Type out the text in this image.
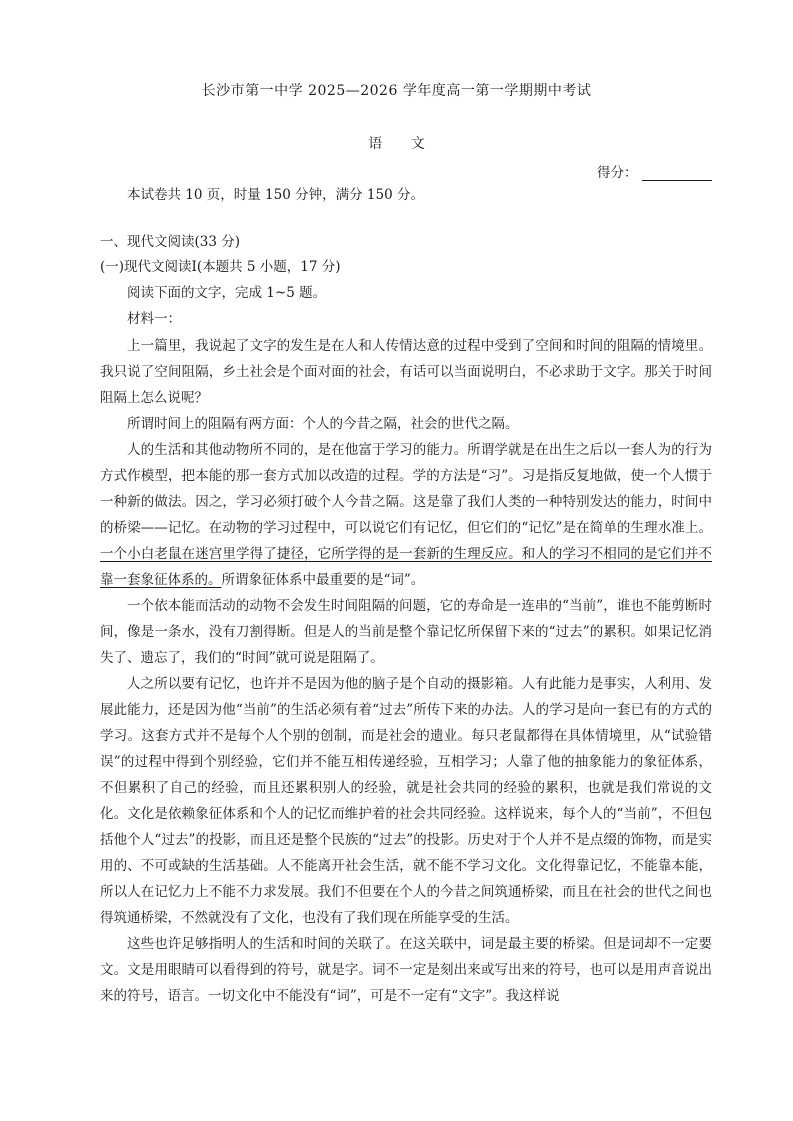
长沙市第一中学 2025—2026 学年度高一第一学期期中考试
语 文
得分：
本试卷共 10 页，时量 150 分钟，满分 150 分。
一、现代文阅读(33 分)
(一)现代文阅读Ⅰ(本题共 5 小题，17 分)
阅读下面的文字，完成 1~5 题。
材料一：

上一篇里，我说起了文字的发生是在人和人传情达意的过程中受到了空间和时间的阻隔的情境里。我只说了空间阻隔，乡土社会是个面对面的社会，有话可以当面说明白，不必求助于文字。那关于时间阻隔上怎么说呢？

所谓时间上的阻隔有两方面：个人的今昔之隔，社会的世代之隔。

人的生活和其他动物所不同的，是在他富于学习的能力。所谓学就是在出生之后以一套人为的行为方式作模型，把本能的那一套方式加以改造的过程。学的方法是“习”。习是指反复地做，使一个人惯于一种新的做法。因之，学习必须打破个人今昔之隔。这是靠了我们人类的一种特别发达的能力，时间中的桥梁——记忆。在动物的学习过程中，可以说它们有记忆，但它们的“记忆”是在简单的生理水准上。一个小白老鼠在迷宫里学得了捷径，它所学得的是一套新的生理反应。和人的学习不相同的是它们并不靠一套象征体系的。所谓象征体系中最重要的是“词”。

一个依本能而活动的动物不会发生时间阻隔的问题，它的寿命是一连串的“当前”，谁也不能剪断时间，像是一条水，没有刀割得断。但是人的当前是整个靠记忆所保留下来的“过去”的累积。如果记忆消失了、遗忘了，我们的“时间”就可说是阻隔了。

人之所以要有记忆，也许并不是因为他的脑子是个自动的摄影箱。人有此能力是事实，人利用、发展此能力，还是因为他“当前”的生活必须有着“过去”所传下来的办法。人的学习是向一套已有的方式的学习。这套方式并不是每个人个别的创制，而是社会的遗业。每只老鼠都得在具体情境里，从“试验错误”的过程中得到个别经验，它们并不能互相传递经验，互相学习；人靠了他的抽象能力的象征体系，不但累积了自己的经验，而且还累积别人的经验，就是社会共同的经验的累积，也就是我们常说的文化。文化是依赖象征体系和个人的记忆而维护着的社会共同经验。这样说来，每个人的“当前”，不但包括他个人“过去”的投影，而且还是整个民族的“过去”的投影。历史对于个人并不是点缀的饰物，而是实用的、不可或缺的生活基础。人不能离开社会生活，就不能不学习文化。文化得靠记忆，不能靠本能，所以人在记忆力上不能不力求发展。我们不但要在个人的今昔之间筑通桥梁，而且在社会的世代之间也得筑通桥梁，不然就没有了文化，也没有了我们现在所能享受的生活。

这些也许足够指明人的生活和时间的关联了。在这关联中，词是最主要的桥梁。但是词却不一定要文。文是用眼睛可以看得到的符号，就是字。词不一定是刻出来或写出来的符号，也可以是用声音说出来的符号，语言。一切文化中不能没有“词”，可是不一定有“文字”。我这样说
